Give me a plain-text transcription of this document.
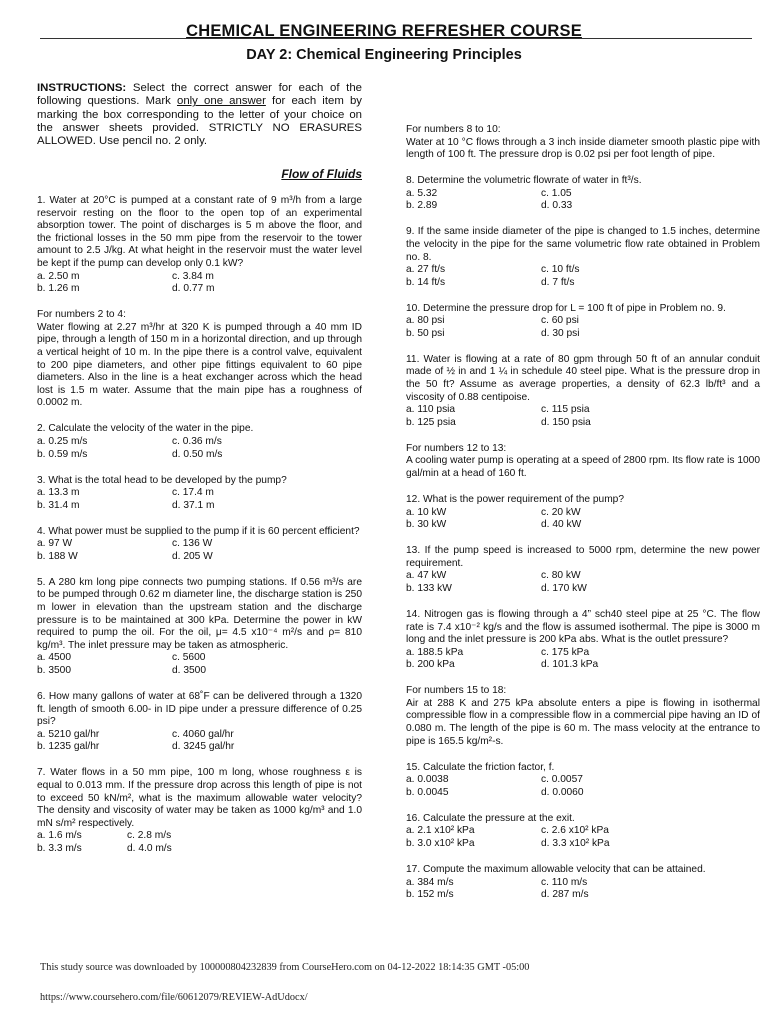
CHEMICAL ENGINEERING REFRESHER COURSE
DAY 2: Chemical Engineering Principles

INSTRUCTIONS: Select the correct answer for each of the following questions. Mark only one answer for each item by marking the box corresponding to the letter of your choice on the answer sheets provided. STRICTLY NO ERASURES ALLOWED. Use pencil no. 2 only.

Flow of Fluids

1. Water at 20°C is pumped at a constant rate of 9 m³/h from a large reservoir resting on the floor to the open top of an experimental absorption tower. The point of discharges is 5 m above the floor, and the frictional losses in the 50 mm pipe from the reservoir to the tower amount to 2.5 J/kg. At what height in the reservoir must the water level be kept if the pump can develop only 0.1 kW?

a. 2.50 m	c. 3.84 m
b. 1.26 m	d. 0.77 m

For numbers 2 to 4:

Water flowing at 2.27 m³/hr at 320 K is pumped through a 40 mm ID pipe, through a length of 150 m in a horizontal direction, and up through a vertical height of 10 m. In the pipe there is a control valve, equivalent to 200 pipe diameters, and other pipe fittings equivalent to 60 pipe diameters. Also in the line is a heat exchanger across which the head lost is 1.5 m water. Assume that the main pipe has a roughness of 0.0002 m.

2. Calculate the velocity of the water in the pipe.

a. 0.25 m/s	c. 0.36 m/s
b. 0.59 m/s	d. 0.50 m/s

3. What is the total head to be developed by the pump?

a. 13.3 m	c. 17.4 m
b. 31.4 m	d. 37.1 m

4. What power must be supplied to the pump if it is 60 percent efficient?

a. 97 W	c. 136 W
b. 188 W	d. 205 W

5. A 280 km long pipe connects two pumping stations. If 0.56 m³/s are to be pumped through 0.62 m diameter line, the discharge station is 250 m lower in elevation than the upstream station and the discharge pressure is to be maintained at 300 kPa. Determine the power in kW required to pump the oil. For the oil, μ= 4.5 x10⁻⁴ m²/s and ρ= 810 kg/m³. The inlet pressure may be taken as atmospheric.

a. 4500	c. 5600
b. 3500	d. 3500

6. How many gallons of water at 68˚F can be delivered through a 1320 ft. length of smooth 6.00- in ID pipe under a pressure difference of 0.25 psi?

a. 5210 gal/hr	c. 4060 gal/hr
b. 1235 gal/hr	d. 3245 gal/hr

7. Water flows in a 50 mm pipe, 100 m long, whose roughness ε is equal to 0.013 mm. If the pressure drop across this length of pipe is not to exceed 50 kN/m², what is the maximum allowable water velocity? The density and viscosity of water may be taken as 1000 kg/m³ and 1.0 mN s/m² respectively.

a. 1.6 m/s	c. 2.8 m/s
b. 3.3 m/s	d. 4.0 m/s

For numbers 8 to 10:

Water at 10 °C flows through a 3 inch inside diameter smooth plastic pipe with length of 100 ft. The pressure drop is 0.02 psi per foot length of pipe.

8. Determine the volumetric flowrate of water in ft³/s.

a. 5.32	c. 1.05
b. 2.89	d. 0.33

9. If the same inside diameter of the pipe is changed to 1.5 inches, determine the velocity in the pipe for the same volumetric flow rate obtained in Problem no. 8.

a. 27 ft/s	c. 10 ft/s
b. 14 ft/s	d. 7 ft/s

10. Determine the pressure drop for L = 100 ft of pipe in Problem no. 9.

a. 80 psi	c. 60 psi
b. 50 psi	d. 30 psi

11. Water is flowing at a rate of 80 gpm through 50 ft of an annular conduit made of ½ in and 1 ¼ in schedule 40 steel pipe. What is the pressure drop in the 50 ft? Assume as average properties, a density of 62.3 lb/ft³ and a viscosity of 0.88 centipoise.

a. 110 psia	c. 115 psia
b. 125 psia	d. 150 psia

For numbers 12 to 13:

A cooling water pump is operating at a speed of 2800 rpm. Its flow rate is 1000 gal/min at a head of 160 ft.

12. What is the power requirement of the pump?

a. 10 kW	c. 20 kW
b. 30 kW	d. 40 kW

13. If the pump speed is increased to 5000 rpm, determine the new power requirement.

a. 47 kW	c. 80 kW
b. 133 kW	d. 170 kW

14. Nitrogen gas is flowing through a 4” sch40 steel pipe at 25 °C. The flow rate is 7.4 x10⁻² kg/s and the flow is assumed isothermal. The pipe is 3000 m long and the inlet pressure is 200 kPa abs. What is the outlet pressure?

a. 188.5 kPa	c. 175 kPa
b. 200 kPa	d. 101.3 kPa

For numbers 15 to 18:

Air at 288 K and 275 kPa absolute enters a pipe is flowing in isothermal compressible flow in a compressible flow in a commercial pipe having an ID of 0.080 m. The length of the pipe is 60 m. The mass velocity at the entrance to pipe is 165.5 kg/m²-s.

15. Calculate the friction factor, f.

a. 0.0038	c. 0.0057
b. 0.0045	d. 0.0060

16. Calculate the pressure at the exit.

a. 2.1 x10² kPa	c. 2.6 x10² kPa
b. 3.0 x10² kPa	d. 3.3 x10² kPa

17. Compute the maximum allowable velocity that can be attained.

a. 384 m/s	c. 110 m/s
b. 152 m/s	d. 287 m/s
This study source was downloaded by 100000804232839 from CourseHero.com on 04-12-2022 18:14:35 GMT -05:00
https://www.coursehero.com/file/60612079/REVIEW-AdUdocx/
